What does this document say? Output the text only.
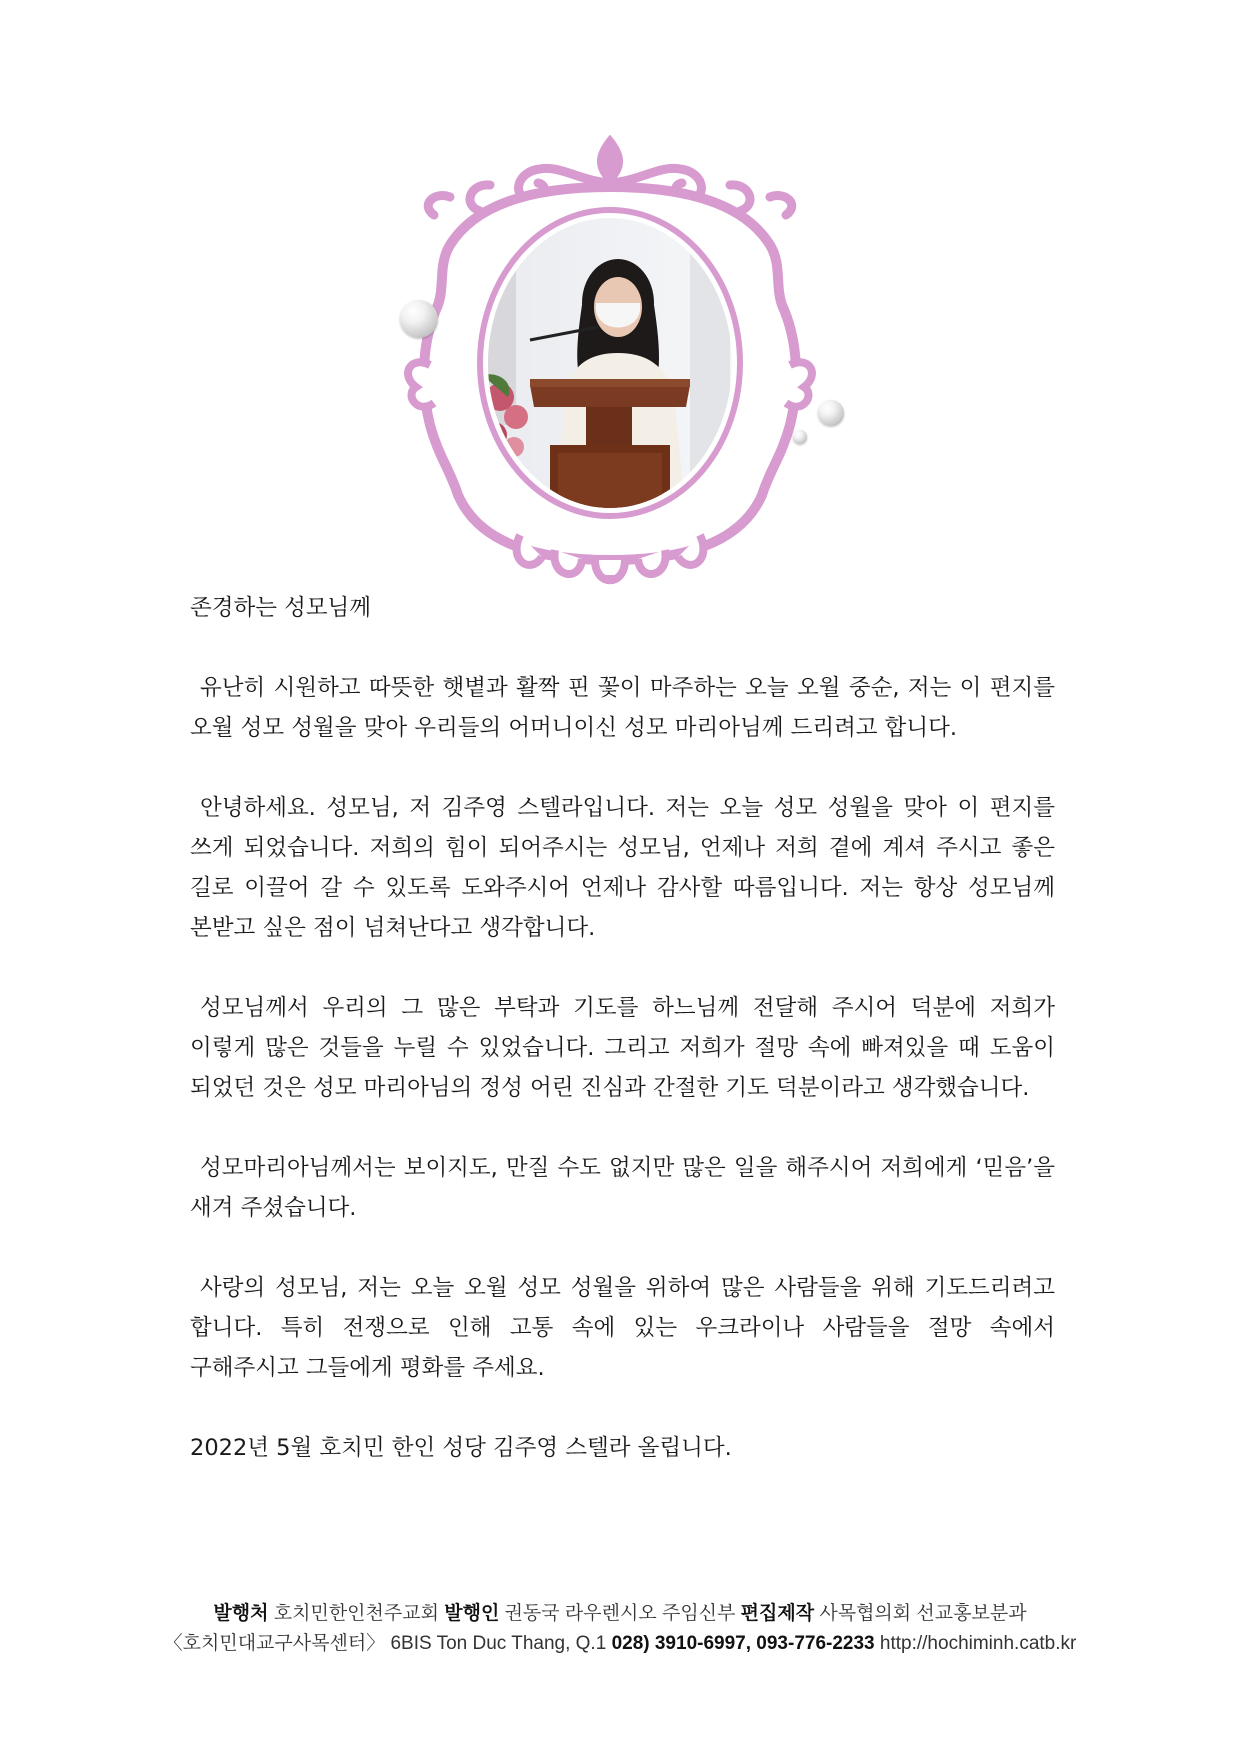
존경하는 성모님께

유난히 시원하고 따뜻한 햇볕과 활짝 핀 꽃이 마주하는 오늘 오월 중순, 저는 이 편지를 오월 성모 성월을 맞아 우리들의 어머니이신 성모 마리아님께 드리려고 합니다.

안녕하세요. 성모님, 저 김주영 스텔라입니다. 저는 오늘 성모 성월을 맞아 이 편지를 쓰게 되었습니다. 저희의 힘이 되어주시는 성모님, 언제나 저희 곁에 계셔 주시고 좋은 길로 이끌어 갈 수 있도록 도와주시어 언제나 감사할 따름입니다. 저는 항상 성모님께 본받고 싶은 점이 넘쳐난다고 생각합니다.

성모님께서 우리의 그 많은 부탁과 기도를 하느님께 전달해 주시어 덕분에 저희가 이렇게 많은 것들을 누릴 수 있었습니다. 그리고 저희가 절망 속에 빠져있을 때 도움이 되었던 것은 성모 마리아님의 정성 어린 진심과 간절한 기도 덕분이라고 생각했습니다.

성모마리아님께서는 보이지도, 만질 수도 없지만 많은 일을 해주시어 저희에게 ‘믿음’을 새겨 주셨습니다.

사랑의 성모님, 저는 오늘 오월 성모 성월을 위하여 많은 사람들을 위해 기도드리려고 합니다. 특히 전쟁으로 인해 고통 속에 있는 우크라이나 사람들을 절망 속에서 구해주시고 그들에게 평화를 주세요.

2022년 5월 호치민 한인 성당 김주영 스텔라 올립니다.

발행처 호치민한인천주교회 발행인 권동국 라우렌시오 주임신부 편집제작 사목협의회 선교홍보분과
〈호치민대교구사목센터〉 6BIS Ton Duc Thang, Q.1 028) 3910-6997, 093-776-2233 http://hochiminh.catb.kr
